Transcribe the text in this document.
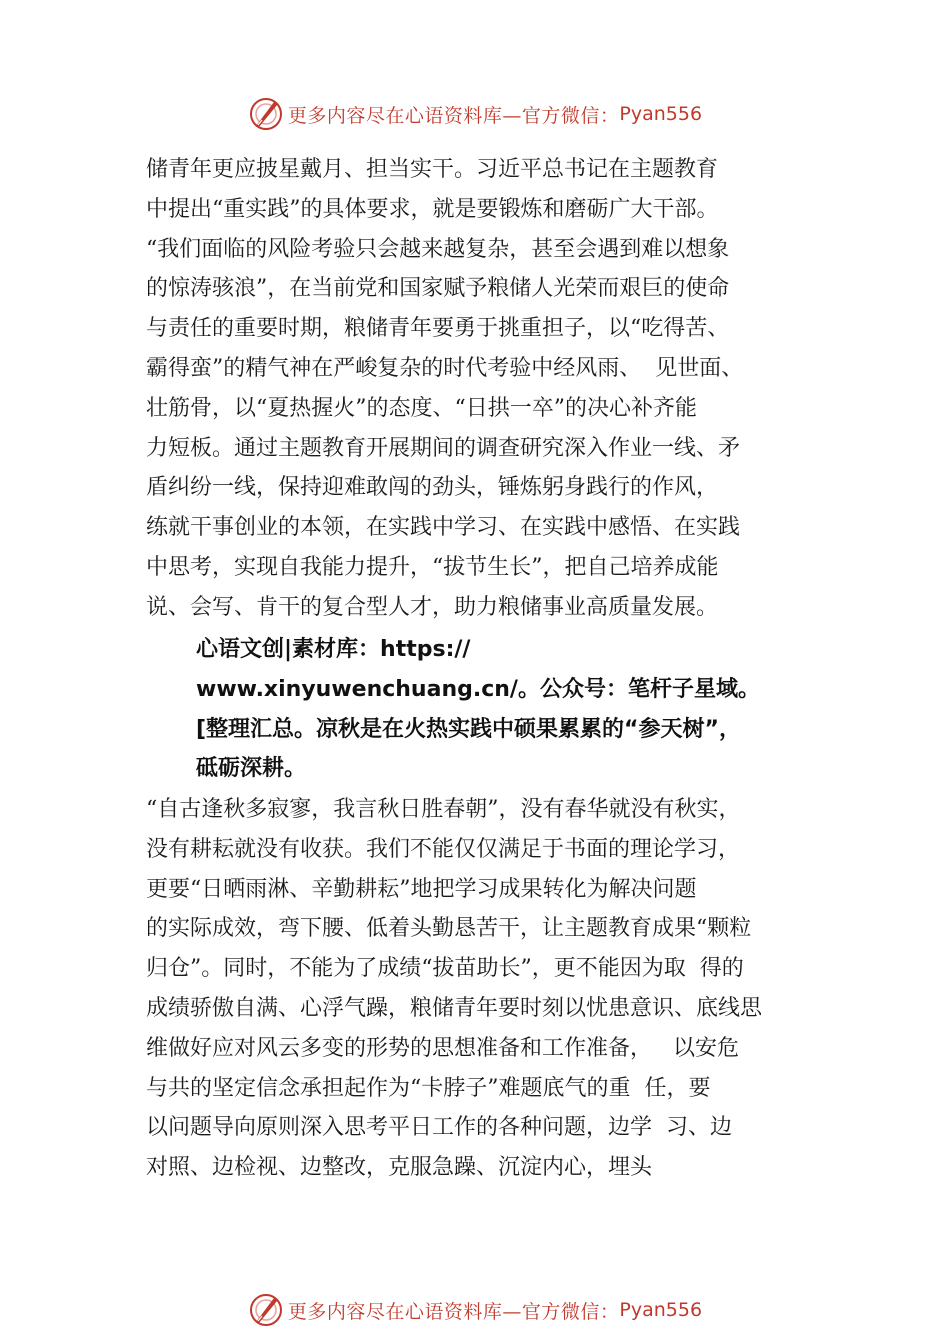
更多内容尽在心语资料库—官方微信： Pyan556
储青年更应披星戴月、担当实干。习近平总书记在主题教育
中提出“重实践”的具体要求，就是要锻炼和磨砺广大干部。
“我们面临的风险考验只会越来越复杂，甚至会遇到难以想象
的惊涛骇浪”，在当前党和国家赋予粮储人光荣而艰巨的使命
与责任的重要时期，粮储青年要勇于挑重担子，以“吃得苦、
霸得蛮”的精气神在严峻复杂的时代考验中经风雨、  见世面、
壮筋骨，以“夏热握火”的态度、“日拱一卒”的决心补齐能
力短板。通过主题教育开展期间的调查研究深入作业一线、矛
盾纠纷一线，保持迎难敢闯的劲头，锤炼躬身践行的作风，
练就干事创业的本领，在实践中学习、在实践中感悟、在实践
中思考，实现自我能力提升，“拔节生长”，把自己培养成能
说、会写、肯干的复合型人才，助力粮储事业高质量发展。
心语文创|素材库：https://
www.xinyuwenchuang.cn/。公众号：笔杆子星域。
[整理汇总。凉秋是在火热实践中硕果累累的“参天树”，
砥砺深耕。
“自古逢秋多寂寥，我言秋日胜春朝”，没有春华就没有秋实，
没有耕耘就没有收获。我们不能仅仅满足于书面的理论学习，
更要“日晒雨淋、辛勤耕耘”地把学习成果转化为解决问题
的实际成效，弯下腰、低着头勤恳苦干，让主题教育成果“颗粒
归仓”。同时，不能为了成绩“拔苗助长”，更不能因为取  得的
成绩骄傲自满、心浮气躁，粮储青年要时刻以忧患意识、底线思
维做好应对风云多变的形势的思想准备和工作准备，   以安危
与共的坚定信念承担起作为“卡脖子”难题底气的重  任，要
以问题导向原则深入思考平日工作的各种问题，边学  习、边
对照、边检视、边整改，克服急躁、沉淀内心，埋头
更多内容尽在心语资料库—官方微信： Pyan556
